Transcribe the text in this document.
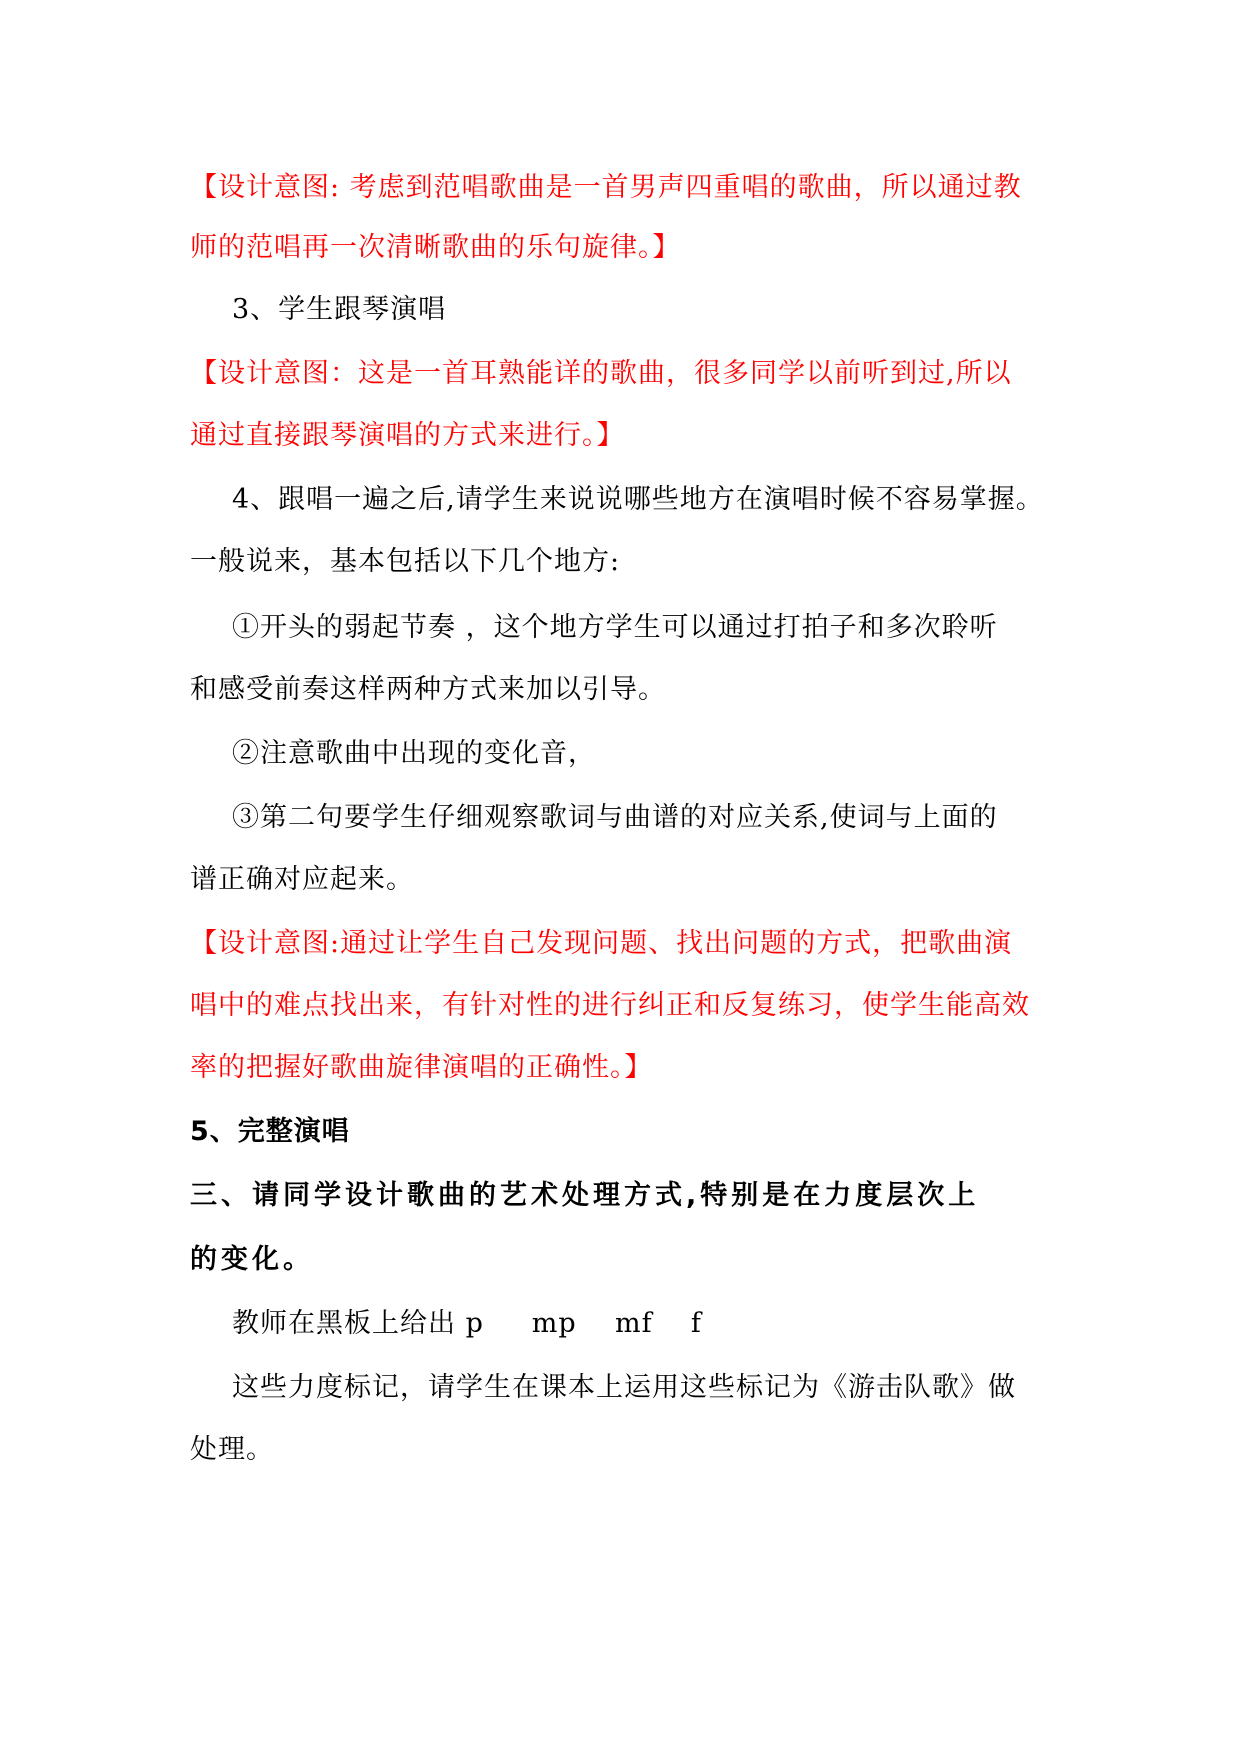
【设计意图: 考虑到范唱歌曲是一首男声四重唱的歌曲，所以通过教
师的范唱再一次清晰歌曲的乐句旋律。】
3、学生跟琴演唱
【设计意图：这是一首耳熟能详的歌曲，很多同学以前听到过,所以
通过直接跟琴演唱的方式来进行。】
4、跟唱一遍之后,请学生来说说哪些地方在演唱时候不容易掌握。
一般说来，基本包括以下几个地方:
①开头的弱起节奏 ，这个地方学生可以通过打拍子和多次聆听
和感受前奏这样两种方式来加以引导。
②注意歌曲中出现的变化音，
③第二句要学生仔细观察歌词与曲谱的对应关系,使词与上面的
谱正确对应起来。
【设计意图:通过让学生自己发现问题、找出问题的方式，把歌曲演
唱中的难点找出来，有针对性的进行纠正和反复练习，使学生能高效
率的把握好歌曲旋律演唱的正确性。】
5、完整演唱
三、请同学设计歌曲的艺术处理方式,特别是在力度层次上
的变化。
教师在黑板上给出 p     mp    mf    f
这些力度标记，请学生在课本上运用这些标记为《游击队歌》做
处理。
